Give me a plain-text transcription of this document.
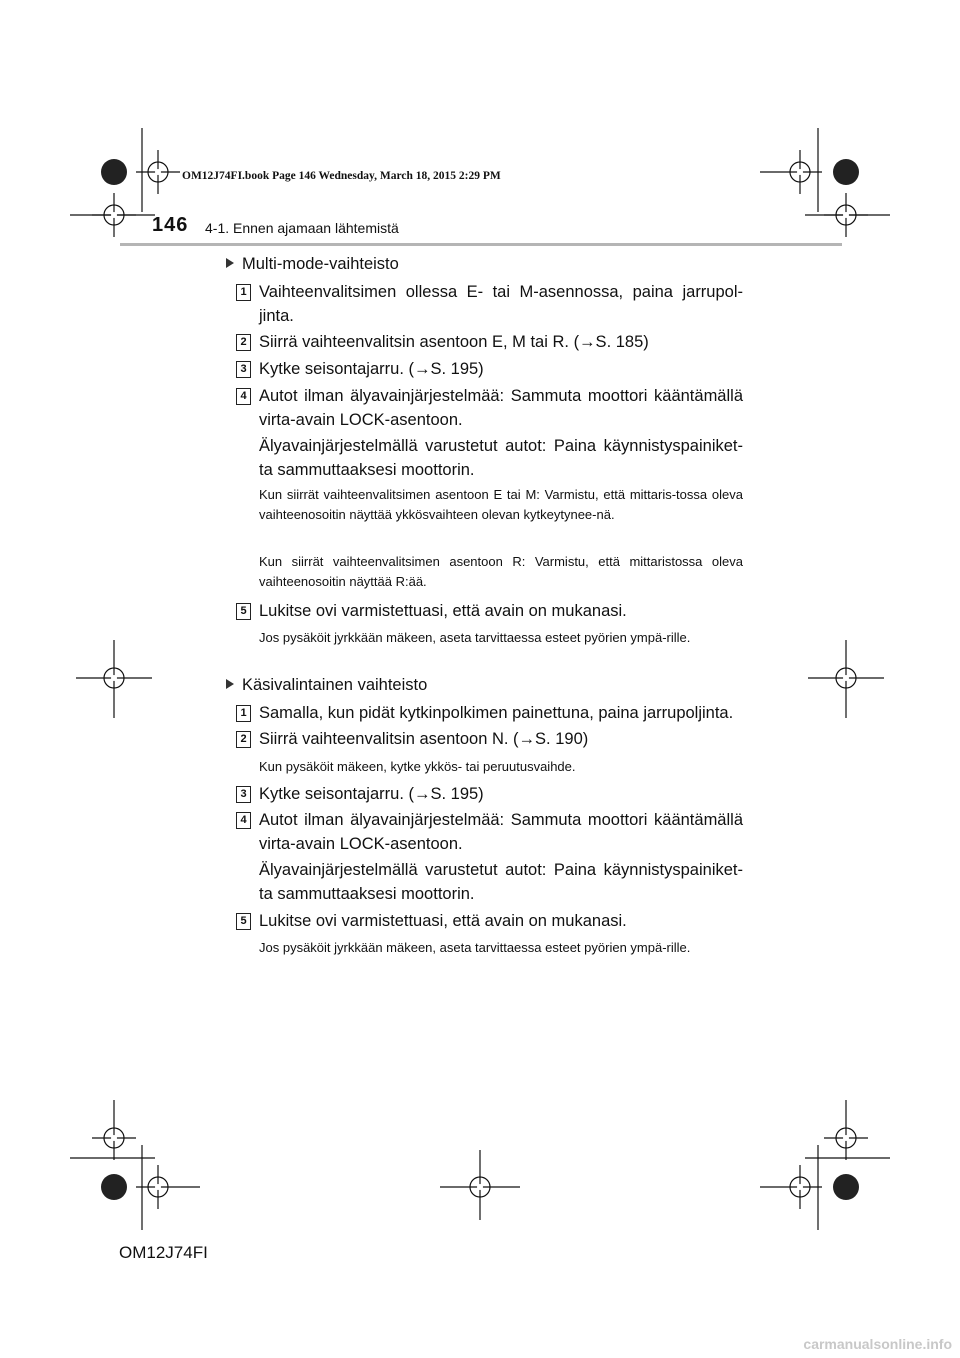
OM12J74FI.book Page 146 Wednesday, March 18, 2015 2:29 PM
146 4-1. Ennen ajamaan lähtemistä
Multi-mode-vaihteisto
1 Vaihteenvalitsimen ollessa E- tai M-asennossa, paina jarrupol-jinta.
2 Siirrä vaihteenvalitsin asentoon E, M tai R. (→S. 185)
3 Kytke seisontajarru. (→S. 195)
4 Autot ilman älyavainjärjestelmää: Sammuta moottori kääntämällä virta-avain LOCK-asentoon.
Älyavainjärjestelmällä varustetut autot: Paina käynnistyspainiket-ta sammuttaaksesi moottorin.
Kun siirrät vaihteenvalitsimen asentoon E tai M: Varmistu, että mittaris-tossa oleva vaihteenosoitin näyttää ykkösvaihteen olevan kytkeytynee-nä.
Kun siirrät vaihteenvalitsimen asentoon R: Varmistu, että mittaristossa oleva vaihteenosoitin näyttää R:ää.
5 Lukitse ovi varmistettuasi, että avain on mukanasi.
Jos pysäköit jyrkkään mäkeen, aseta tarvittaessa esteet pyörien ympä-rille.
Käsivalintainen vaihteisto
1 Samalla, kun pidät kytkinpolkimen painettuna, paina jarrupoljinta.
2 Siirrä vaihteenvalitsin asentoon N. (→S. 190)
Kun pysäköit mäkeen, kytke ykkös- tai peruutusvaihde.
3 Kytke seisontajarru. (→S. 195)
4 Autot ilman älyavainjärjestelmää: Sammuta moottori kääntämällä virta-avain LOCK-asentoon.
Älyavainjärjestelmällä varustetut autot: Paina käynnistyspainiket-ta sammuttaaksesi moottorin.
5 Lukitse ovi varmistettuasi, että avain on mukanasi.
Jos pysäköit jyrkkään mäkeen, aseta tarvittaessa esteet pyörien ympä-rille.
OM12J74FI
carmanualsonline.info
